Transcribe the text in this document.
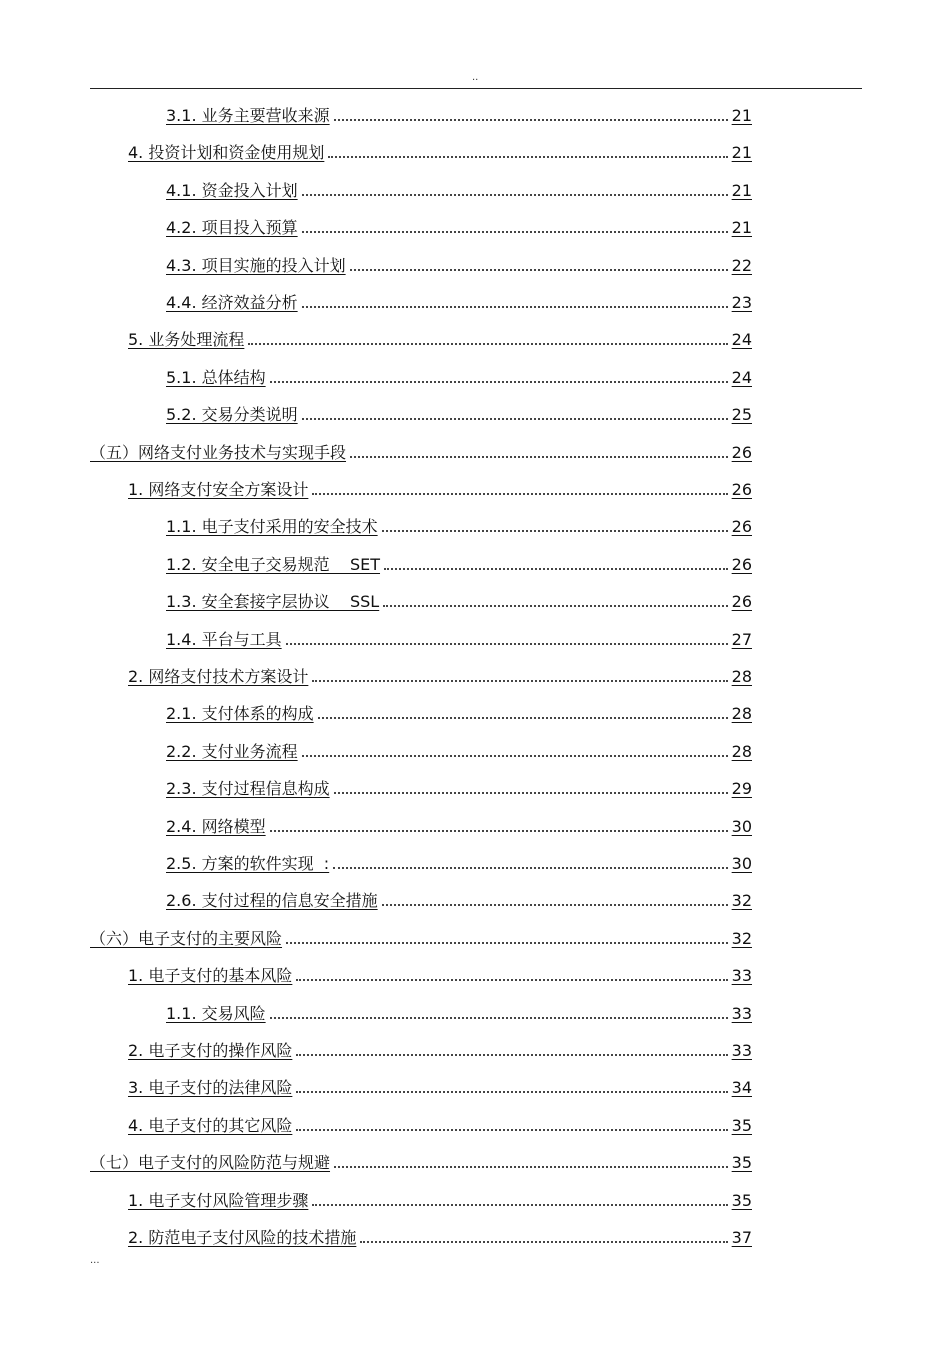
..
3.1. 业务主要营收来源	21
4. 投资计划和资金使用规划	21
4.1. 资金投入计划	21
4.2. 项目投入预算	21
4.3. 项目实施的投入计划	22
4.4. 经济效益分析	23
5. 业务处理流程	24
5.1. 总体结构	24
5.2. 交易分类说明	25
（五）网络支付业务技术与实现手段	26
1. 网络支付安全方案设计	26
1.1. 电子支付采用的安全技术	26
1.2. 安全电子交易规范    SET	26
1.3. 安全套接字层协议    SSL	26
1.4. 平台与工具	27
2. 网络支付技术方案设计	28
2.1. 支付体系的构成	28
2.2. 支付业务流程	28
2.3. 支付过程信息构成	29
2.4. 网络模型	30
2.5. 方案的软件实现  :	30
2.6. 支付过程的信息安全措施	32
（六）电子支付的主要风险	32
1. 电子支付的基本风险	33
1.1. 交易风险	33
2. 电子支付的操作风险	33
3. 电子支付的法律风险	34
4. 电子支付的其它风险	35
（七）电子支付的风险防范与规避	35
1. 电子支付风险管理步骤	35
2. 防范电子支付风险的技术措施	37
...
